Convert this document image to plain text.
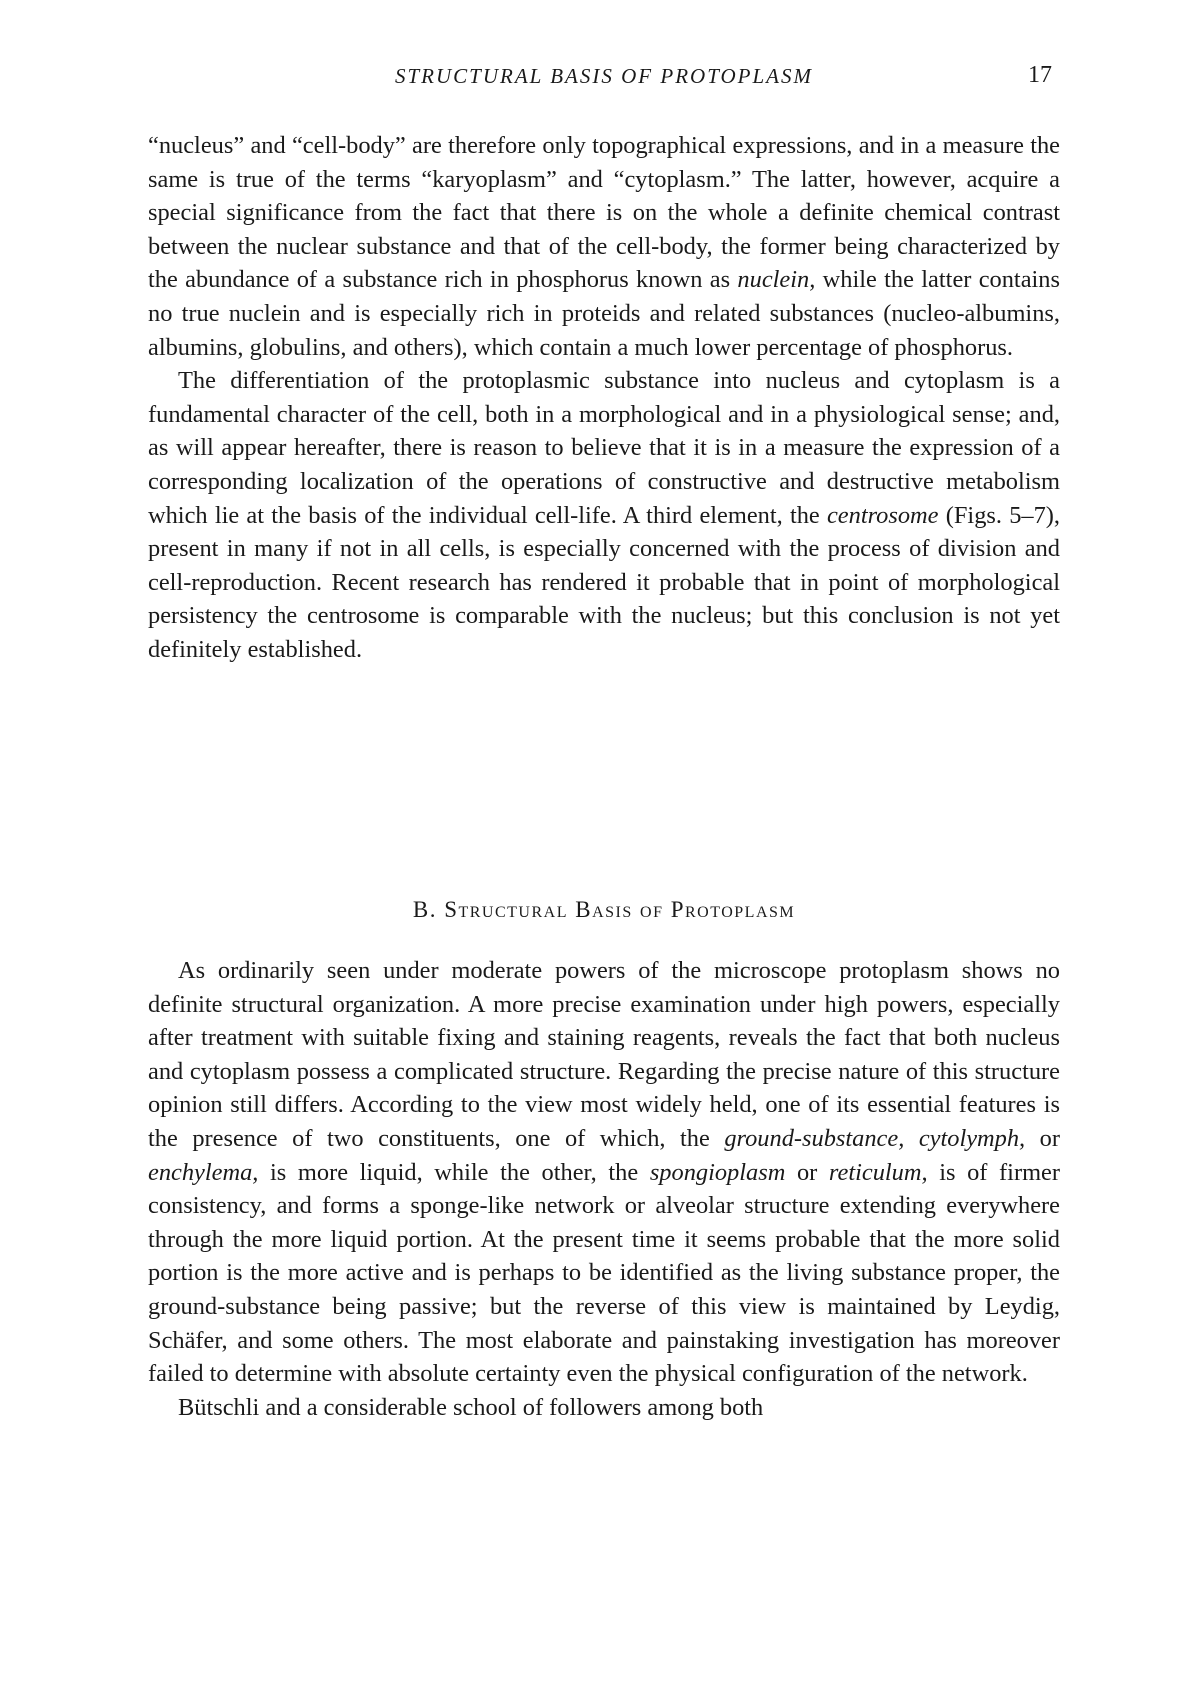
STRUCTURAL BASIS OF PROTOPLASM	17

“nucleus” and “cell-body” are therefore only topographical expressions, and in a measure the same is true of the terms “karyoplasm” and “cytoplasm.” The latter, however, acquire a special significance from the fact that there is on the whole a definite chemical contrast between the nuclear substance and that of the cell-body, the former being characterized by the abundance of a substance rich in phosphorus known as nuclein, while the latter contains no true nuclein and is especially rich in proteids and related substances (nucleo-albumins, albumins, globulins, and others), which contain a much lower percentage of phosphorus.

The differentiation of the protoplasmic substance into nucleus and cytoplasm is a fundamental character of the cell, both in a morphological and in a physiological sense; and, as will appear hereafter, there is reason to believe that it is in a measure the expression of a corresponding localization of the operations of constructive and destructive metabolism which lie at the basis of the individual cell-life. A third element, the centrosome (Figs. 5–7), present in many if not in all cells, is especially concerned with the process of division and cell-reproduction. Recent research has rendered it probable that in point of morphological persistency the centrosome is comparable with the nucleus; but this conclusion is not yet definitely established.

B. Structural Basis of Protoplasm

As ordinarily seen under moderate powers of the microscope protoplasm shows no definite structural organization. A more precise examination under high powers, especially after treatment with suitable fixing and staining reagents, reveals the fact that both nucleus and cytoplasm possess a complicated structure. Regarding the precise nature of this structure opinion still differs. According to the view most widely held, one of its essential features is the presence of two constituents, one of which, the ground-substance, cytolymph, or enchylema, is more liquid, while the other, the spongioplasm or reticulum, is of firmer consistency, and forms a sponge-like network or alveolar structure extending everywhere through the more liquid portion. At the present time it seems probable that the more solid portion is the more active and is perhaps to be identified as the living substance proper, the ground-substance being passive; but the reverse of this view is maintained by Leydig, Schäfer, and some others. The most elaborate and painstaking investigation has moreover failed to determine with absolute certainty even the physical configuration of the network.

Bütschli and a considerable school of followers among both
